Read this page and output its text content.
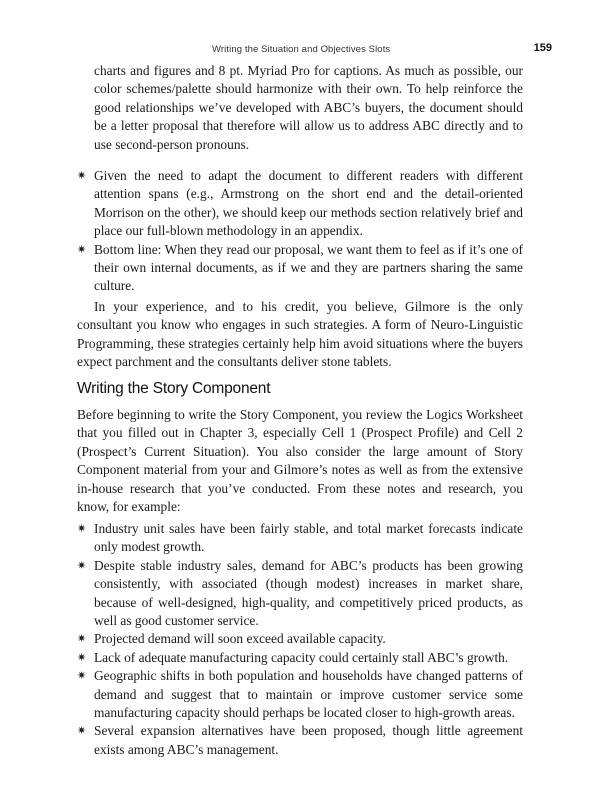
Writing the Situation and Objectives Slots	159

charts and figures and 8 pt. Myriad Pro for captions. As much as possible, our color schemes/palette should harmonize with their own. To help reinforce the good relationships we’ve developed with ABC’s buyers, the document should be a letter proposal that therefore will allow us to address ABC directly and to use second-person pronouns.

✷ Given the need to adapt the document to different readers with different attention spans (e.g., Armstrong on the short end and the detail-oriented Morrison on the other), we should keep our methods section relatively brief and place our full-blown methodology in an appendix.
✷ Bottom line: When they read our proposal, we want them to feel as if it’s one of their own internal documents, as if we and they are partners sharing the same culture.

In your experience, and to his credit, you believe, Gilmore is the only consultant you know who engages in such strategies. A form of Neuro-Linguistic Programming, these strategies certainly help him avoid situations where the buyers expect parchment and the consultants deliver stone tablets.

Writing the Story Component

Before beginning to write the Story Component, you review the Logics Worksheet that you filled out in Chapter 3, especially Cell 1 (Prospect Profile) and Cell 2 (Prospect’s Current Situation). You also consider the large amount of Story Component material from your and Gilmore’s notes as well as from the extensive in-house research that you’ve conducted. From these notes and research, you know, for example:

✷ Industry unit sales have been fairly stable, and total market forecasts indicate only modest growth.
✷ Despite stable industry sales, demand for ABC’s products has been growing consistently, with associated (though modest) increases in market share, because of well-designed, high-quality, and competitively priced products, as well as good customer service.
✷ Projected demand will soon exceed available capacity.
✷ Lack of adequate manufacturing capacity could certainly stall ABC’s growth.
✷ Geographic shifts in both population and households have changed patterns of demand and suggest that to maintain or improve customer service some manufacturing capacity should perhaps be located closer to high-growth areas.
✷ Several expansion alternatives have been proposed, though little agreement exists among ABC’s management.
